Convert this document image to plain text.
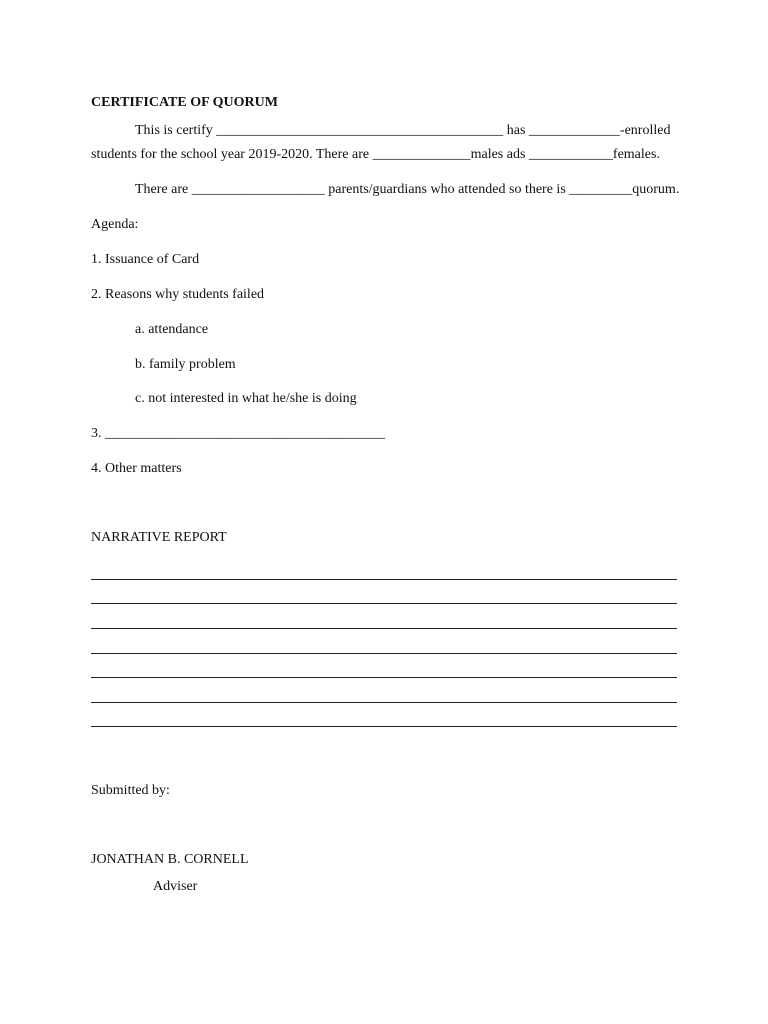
CERTIFICATE OF QUORUM
This is certify _________________________________________ has _____________-enrolled
students for the school year 2019-2020. There are ______________males ads ____________females.
There are ___________________ parents/guardians who attended so there is _________quorum.
Agenda:
1. Issuance of Card
2. Reasons why students failed
a. attendance
b. family problem
c. not interested in what he/she is doing
3. ________________________________________
4. Other matters
NARRATIVE REPORT
Submitted by:
JONATHAN B. CORNELL
Adviser
